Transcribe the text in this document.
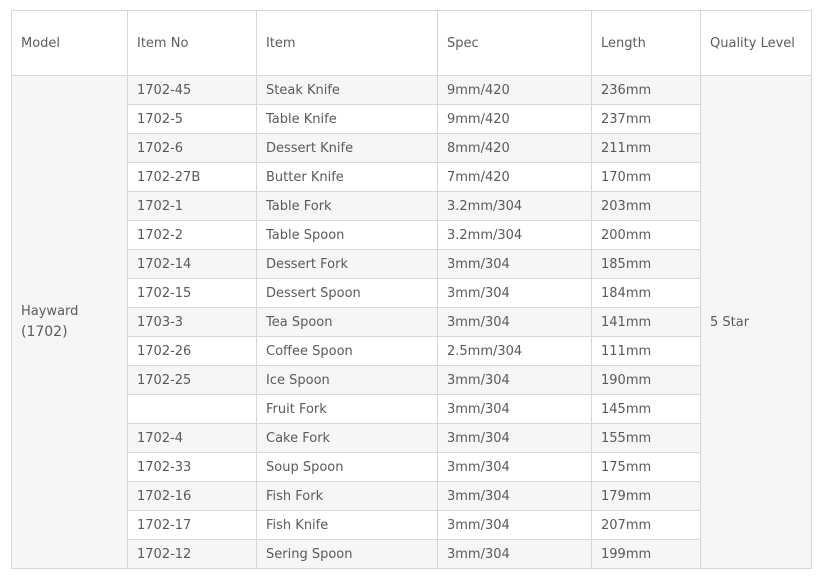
Model	Item No	Item	Spec	Length	Quality Level

Hayward
(1702)	1702-45	Steak Knife	9mm/420	236mm	5 Star
	1702-5	Table Knife	9mm/420	237mm	
	1702-6	Dessert Knife	8mm/420	211mm	
	1702-27B	Butter Knife	7mm/420	170mm	
	1702-1	Table Fork	3.2mm/304	203mm	
	1702-2	Table Spoon	3.2mm/304	200mm	
	1702-14	Dessert Fork	3mm/304	185mm	
	1702-15	Dessert Spoon	3mm/304	184mm	
	1703-3	Tea Spoon	3mm/304	141mm	
	1702-26	Coffee Spoon	2.5mm/304	111mm	
	1702-25	Ice Spoon	3mm/304	190mm	
		Fruit Fork	3mm/304	145mm	
	1702-4	Cake Fork	3mm/304	155mm	
	1702-33	Soup Spoon	3mm/304	175mm	
	1702-16	Fish Fork	3mm/304	179mm	
	1702-17	Fish Knife	3mm/304	207mm	
	1702-12	Sering Spoon	3mm/304	199mm	
